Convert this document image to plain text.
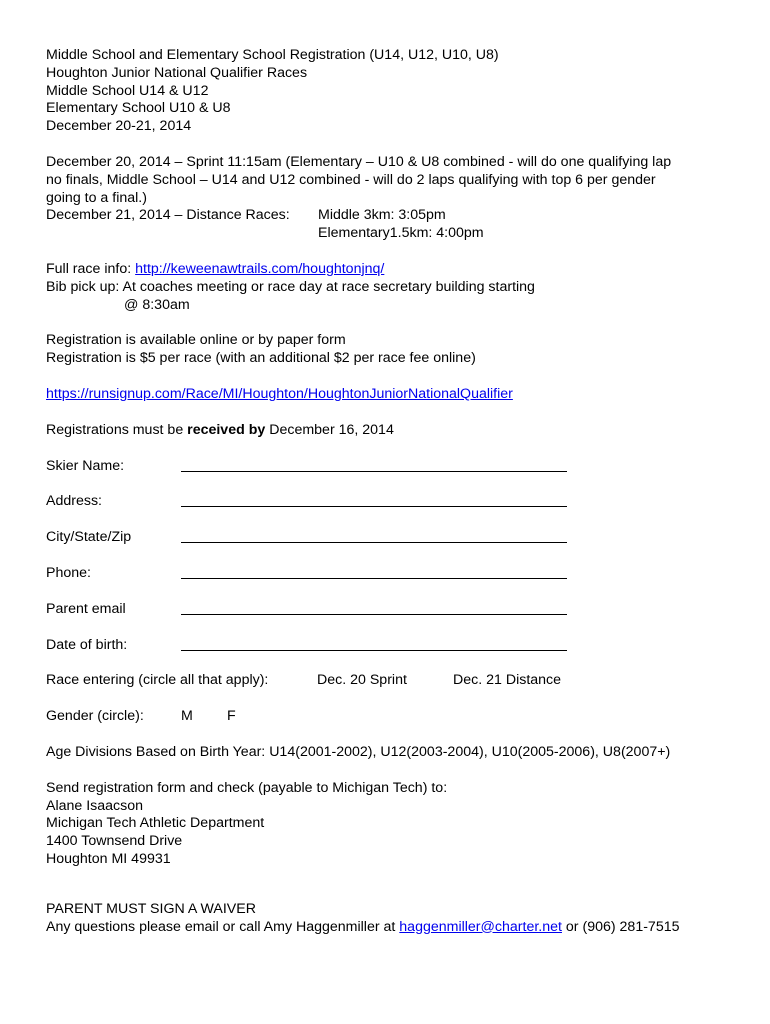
Middle School and Elementary School Registration (U14, U12, U10, U8)
Houghton Junior National Qualifier Races
Middle School U14 & U12
Elementary School U10 & U8
December 20-21, 2014
December 20, 2014 – Sprint 11:15am (Elementary – U10 & U8 combined - will do one qualifying lap
no finals, Middle School – U14 and U12 combined - will do 2 laps qualifying with top 6 per gender
going to a final.)
December 21, 2014 – Distance Races: Middle 3km: 3:05pm
Elementary1.5km: 4:00pm
Full race info: http://keweenawtrails.com/houghtonjnq/
Bib pick up: At coaches meeting or race day at race secretary building starting
@ 8:30am
Registration is available online or by paper form
Registration is $5 per race (with an additional $2 per race fee online)
https://runsignup.com/Race/MI/Houghton/HoughtonJuniorNationalQualifier
Registrations must be received by December 16, 2014
Skier Name:
Address:
City/State/Zip
Phone:
Parent email
Date of birth:
Race entering (circle all that apply):	Dec. 20 Sprint	Dec. 21 Distance
Gender (circle):	M F
Age Divisions Based on Birth Year: U14(2001-2002), U12(2003-2004), U10(2005-2006), U8(2007+)
Send registration form and check (payable to Michigan Tech) to:
Alane Isaacson
Michigan Tech Athletic Department
1400 Townsend Drive
Houghton MI 49931
PARENT MUST SIGN A WAIVER
Any questions please email or call Amy Haggenmiller at haggenmiller@charter.net or (906) 281-7515
